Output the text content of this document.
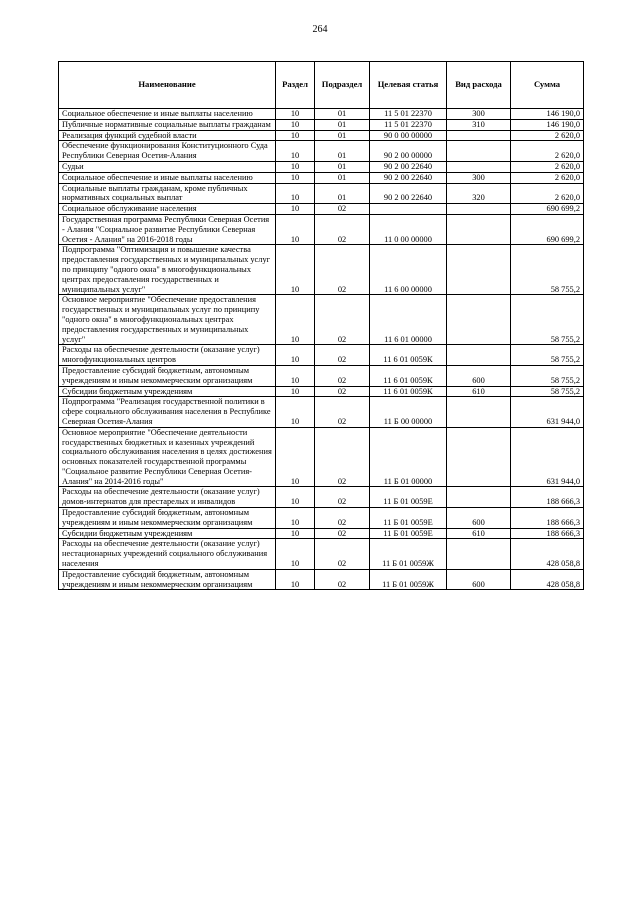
264
Наименование	Раздел	Подраздел	Целевая статья	Вид расхода	Сумма
Социальное обеспечение и иные выплаты населению	10	01	11 5 01 22370	300	146 190,0
Публичные нормативные социальные выплаты гражданам	10	01	11 5 01 22370	310	146 190,0
Реализация функций судебной власти	10	01	90 0 00 00000		2 620,0
Обеспечение функционирования Конституционного Суда Республики Северная Осетия-Алания	10	01	90 2 00 00000		2 620,0
Судьи	10	01	90 2 00 22640		2 620,0
Социальное обеспечение и иные выплаты населению	10	01	90 2 00 22640	300	2 620,0
Социальные выплаты гражданам, кроме публичных нормативных социальных выплат	10	01	90 2 00 22640	320	2 620,0
Социальное обслуживание населения	10	02			690 699,2
Государственная программа Республики Северная Осетия - Алания "Социальное развитие Республики Северная Осетия - Алания" на 2016-2018 годы	10	02	11 0 00 00000		690 699,2
Подпрограмма "Оптимизация и повышение качества предоставления государственных и муниципальных услуг по принципу "одного окна" в многофункциональных центрах предоставления государственных и муниципальных услуг"	10	02	11 6 00 00000		58 755,2
Основное мероприятие "Обеспечение предоставления государственных и муниципальных услуг по принципу "одного окна" в многофункциональных центрах предоставления государственных и муниципальных услуг"	10	02	11 6 01 00000		58 755,2
Расходы на обеспечение деятельности (оказание услуг) многофункциональных центров	10	02	11 6 01 0059К		58 755,2
Предоставление субсидий бюджетным, автономным учреждениям и иным некоммерческим организациям	10	02	11 6 01 0059К	600	58 755,2
Субсидии бюджетным учреждениям	10	02	11 6 01 0059К	610	58 755,2
Подпрограмма "Реализация государственной политики в сфере социального обслуживания населения в Республике Северная Осетия-Алания	10	02	11 Б 00 00000		631 944,0
Основное мероприятие "Обеспечение деятельности государственных бюджетных и казенных учреждений социального обслуживания населения в целях достижения основных показателей государственной программы "Социальное развитие Республики Северная Осетия-Алания" на 2014-2016 годы"	10	02	11 Б 01 00000		631 944,0
Расходы на обеспечение деятельности (оказание услуг) домов-интернатов для престарелых и инвалидов	10	02	11 Б 01 0059Е		188 666,3
Предоставление субсидий бюджетным, автономным учреждениям и иным некоммерческим организациям	10	02	11 Б 01 0059Е	600	188 666,3
Субсидии бюджетным учреждениям	10	02	11 Б 01 0059Е	610	188 666,3
Расходы на обеспечение деятельности (оказание услуг) нестационарных учреждений социального обслуживания населения	10	02	11 Б 01 0059Ж		428 058,8
Предоставление субсидий бюджетным, автономным учреждениям и иным некоммерческим организациям	10	02	11 Б 01 0059Ж	600	428 058,8
